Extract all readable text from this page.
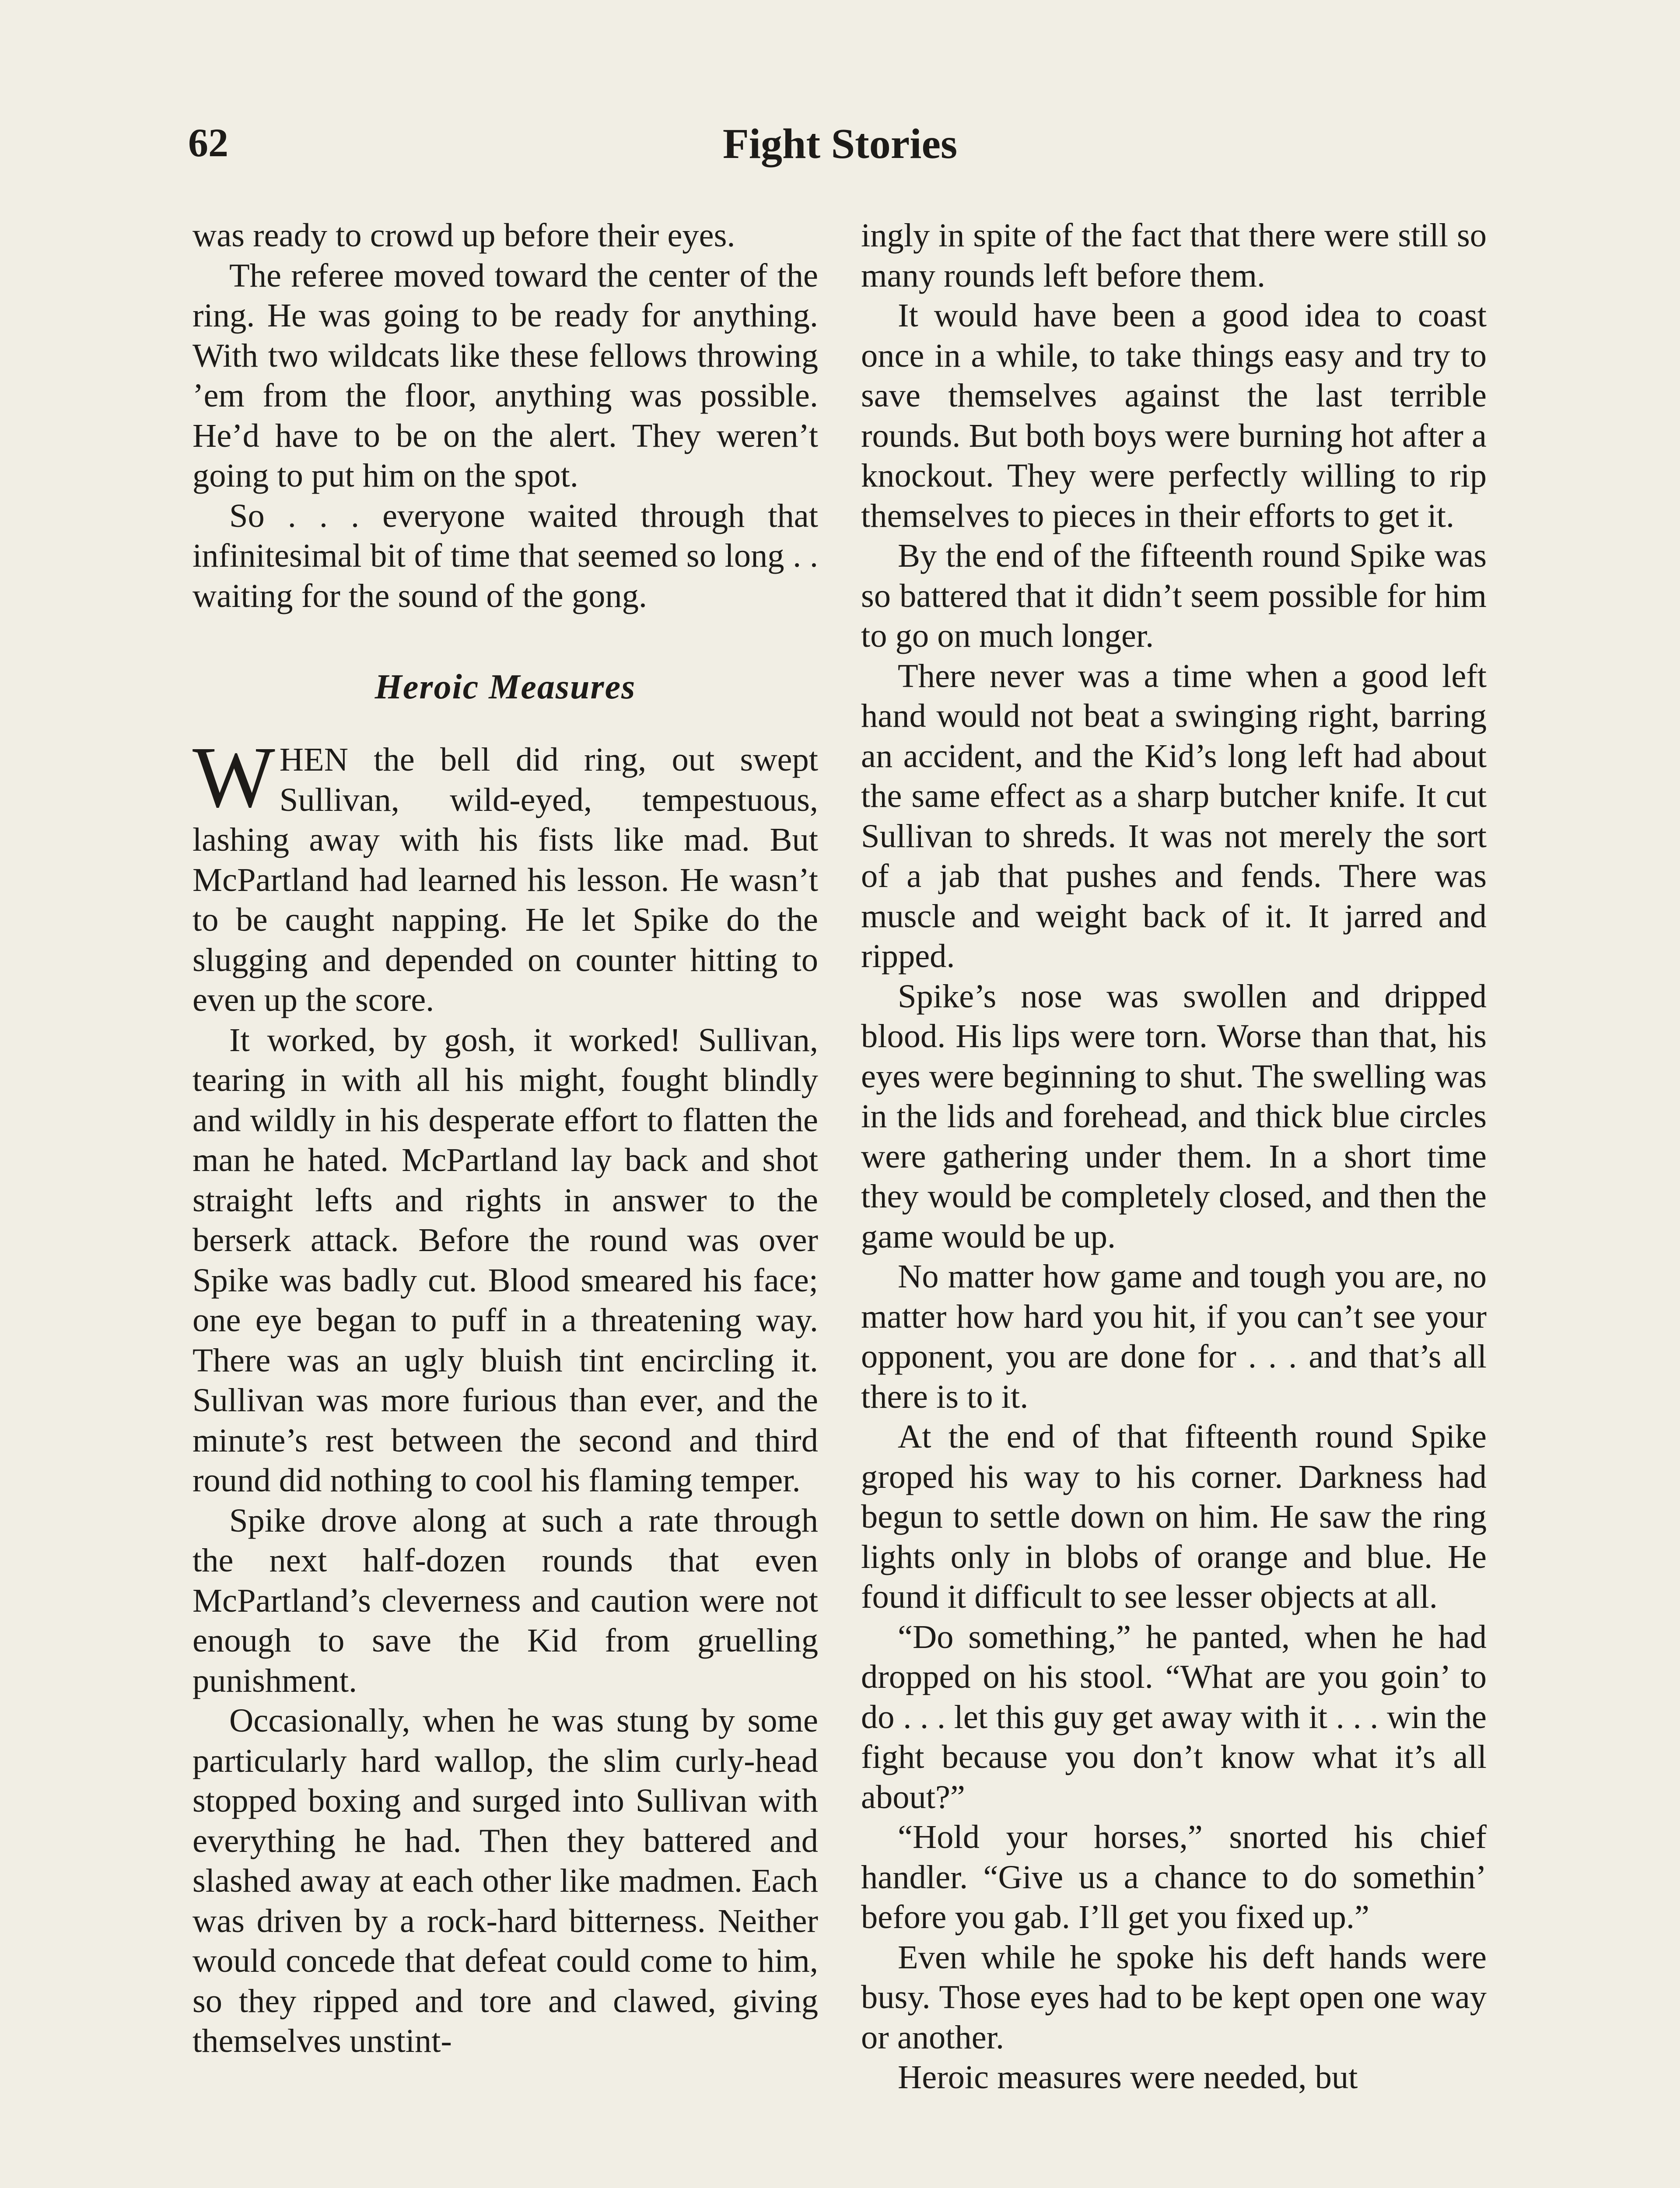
62	Fight Stories

was ready to crowd up before their eyes.

The referee moved toward the center of the ring. He was going to be ready for anything. With two wildcats like these fellows throwing ’em from the floor, anything was possible. He’d have to be on the alert. They weren’t going to put him on the spot.

So . . . everyone waited through that infinitesimal bit of time that seemed so long . . waiting for the sound of the gong.

Heroic Measures

WHEN the bell did ring, out swept Sullivan, wild-eyed, tempestuous, lashing away with his fists like mad. But McPartland had learned his lesson. He wasn’t to be caught napping. He let Spike do the slugging and depended on counter hitting to even up the score.

It worked, by gosh, it worked! Sullivan, tearing in with all his might, fought blindly and wildly in his desperate effort to flatten the man he hated. McPartland lay back and shot straight lefts and rights in answer to the berserk attack. Before the round was over Spike was badly cut. Blood smeared his face; one eye began to puff in a threatening way. There was an ugly bluish tint encircling it. Sullivan was more furious than ever, and the minute’s rest between the second and third round did nothing to cool his flaming temper.

Spike drove along at such a rate through the next half-dozen rounds that even McPartland’s cleverness and caution were not enough to save the Kid from gruelling punishment.

Occasionally, when he was stung by some particularly hard wallop, the slim curly-head stopped boxing and surged into Sullivan with everything he had. Then they battered and slashed away at each other like madmen. Each was driven by a rock-hard bitterness. Neither would concede that defeat could come to him, so they ripped and tore and clawed, giving themselves unstint-

ingly in spite of the fact that there were still so many rounds left before them.

It would have been a good idea to coast once in a while, to take things easy and try to save themselves against the last terrible rounds. But both boys were burning hot after a knockout. They were perfectly willing to rip themselves to pieces in their efforts to get it.

By the end of the fifteenth round Spike was so battered that it didn’t seem possible for him to go on much longer.

There never was a time when a good left hand would not beat a swinging right, barring an accident, and the Kid’s long left had about the same effect as a sharp butcher knife. It cut Sullivan to shreds. It was not merely the sort of a jab that pushes and fends. There was muscle and weight back of it. It jarred and ripped.

Spike’s nose was swollen and dripped blood. His lips were torn. Worse than that, his eyes were beginning to shut. The swelling was in the lids and forehead, and thick blue circles were gathering under them. In a short time they would be completely closed, and then the game would be up.

No matter how game and tough you are, no matter how hard you hit, if you can’t see your opponent, you are done for . . . and that’s all there is to it.

At the end of that fifteenth round Spike groped his way to his corner. Darkness had begun to settle down on him. He saw the ring lights only in blobs of orange and blue. He found it difficult to see lesser objects at all.

“Do something,” he panted, when he had dropped on his stool. “What are you goin’ to do . . . let this guy get away with it . . . win the fight because you don’t know what it’s all about?”

“Hold your horses,” snorted his chief handler. “Give us a chance to do somethin’ before you gab. I’ll get you fixed up.”

Even while he spoke his deft hands were busy. Those eyes had to be kept open one way or another.

Heroic measures were needed, but
